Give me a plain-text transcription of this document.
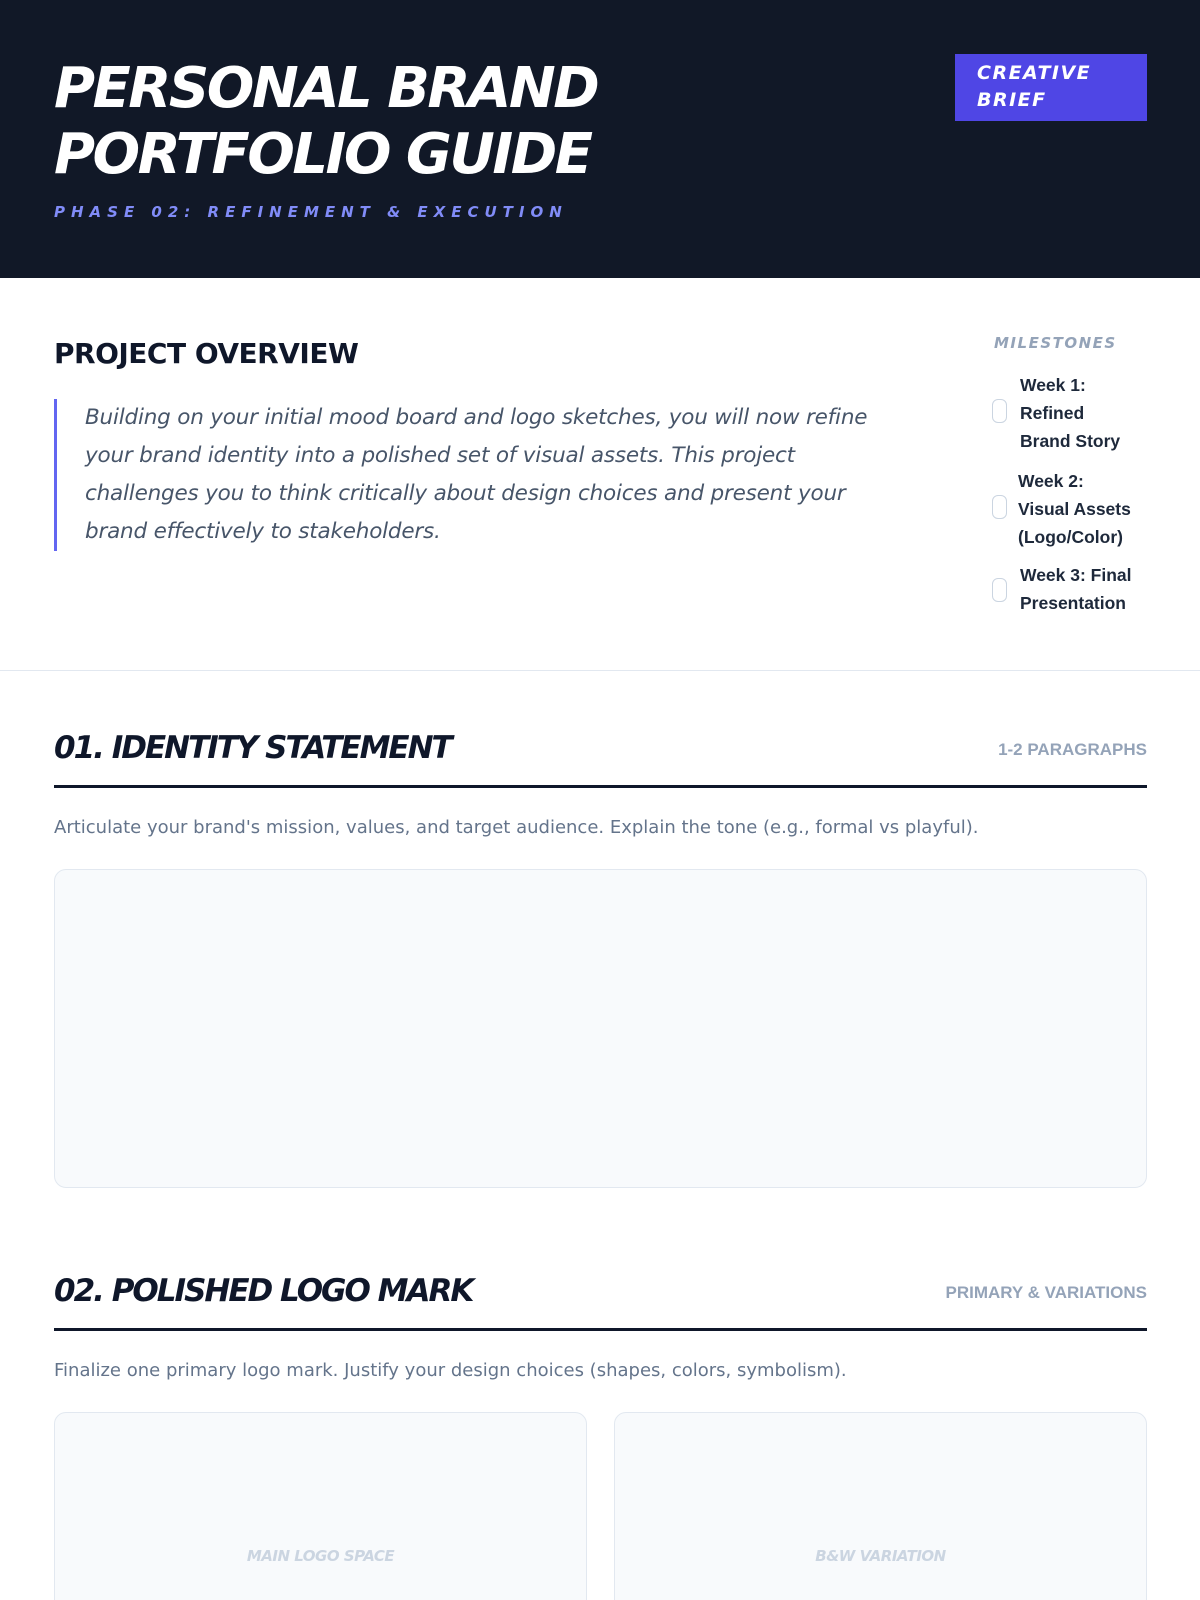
PERSONAL BRAND
PORTFOLIO GUIDE
PHASE 02: REFINEMENT & EXECUTION
CREATIVE
BRIEF
PROJECT OVERVIEW
Building on your initial mood board and logo sketches, you will now refine
your brand identity into a polished set of visual assets. This project
challenges you to think critically about design choices and present your
brand effectively to stakeholders.
MILESTONES
Week 1:
Refined
Brand Story
Week 2:
Visual Assets
(Logo/Color)
Week 3: Final
Presentation
01. IDENTITY STATEMENT	1-2 PARAGRAPHS
Articulate your brand's mission, values, and target audience. Explain the tone (e.g., formal vs playful).
02. POLISHED LOGO MARK	PRIMARY & VARIATIONS
Finalize one primary logo mark. Justify your design choices (shapes, colors, symbolism).
MAIN LOGO SPACE	B&W VARIATION
